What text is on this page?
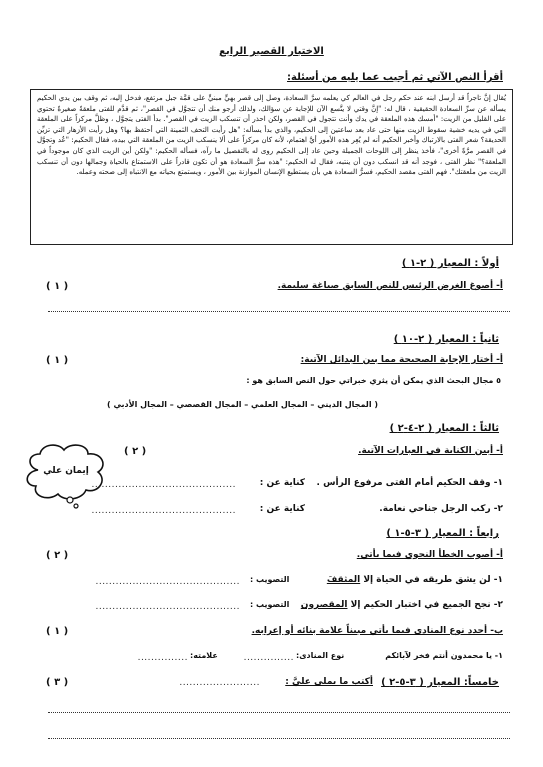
الاختبار القصير الرابع
أقرأ النص الآتي ثم أجيب عما يليه من أسئلة:
يُقال إنَّ تاجراً قد أرسل ابنه عند حكم رجل في العالم كي يعلمه سرَّ السعادة، وصل إلى قصر بهيٍّ مبنيٍّ على قمَّة جبل مرتفع، فدخل إليه، ثم وقف بين يدي الحكيم يسأله عن سرِّ السعادة الحقيقية ، قال له: "إنَّ وقتي لا يتَّسع الآن للإجابة عن سؤالك، ولذلك أرجو منك أن تتجوَّل في القصر"، ثم قدَّم للفتى ملعقةً صغيرةً تحتوي على القليل من الزيت: "أمسك هذه الملعقة في يدك وأنت تتجول في القصر، ولكن احذر أن تنسكب الزيت في القصر". بدأ الفتى يتجوَّل ، وظلَّ مركزاً على الملعقة التي في يديه خشية سقوط الزيت منها حتى عاد بعد ساعتين إلى الحكيم، والذي بدأ يسأله: "هل رأيت التحف الثمينة التي أحتفظ بها؟ وهل رأيت الأزهار التي تزيِّن الحديقة؟ شعر الفتى بالارتباك وأخبر الحكيم أنه لم يُعِر هذه الأمور أيَّ اهتمام، لأنه كان مركزاً على ألا ينسكب الزيت من الملعقة التي بيده، فقال الحكيم: "عُد وتجوَّل في القصر مرَّةً أخرى"، فأخذ ينظر إلى اللوحات الجميلة وحين عاد إلى الحكيم روى له بالتفصيل ما رآه، فسأله الحكيم: "ولكن أين الزيت الذي كان موجوداً في الملعقة؟" نظر الفتى ، فوجد أنه قد انسكب دون أن ينتبه، فقال له الحكيم: "هذه سرُّ السعادة هو أن تكون قادراً على الاستمتاع بالحياة وجمالها دون أن تنسكب الزيت من ملعقتك". فهم الفتى مقصد الحكيم، فسرُّ السعادة هي بأن يستطيع الإنسان الموازنة بين الأمور ، ويستمتع بحياته مع الانتباه إلى صحته وعمله.
أولاً : المعيار ( ٢-١ )
أ- أصوغ الغرض الرئيس للنص السابق صياغة سليمة.
( ١ )
ثانياً : المعيار ( ٢-١٠ )
أ- أختار الإجابة الصحيحة مما بين البدائل الآتية:
( ١ )
٥ مجال البحث الذي يمكن أن يثري خبراتي حول النص السابق هو :
( المجال الديني – المجال العلمي – المجال القصصي – المجال الأدبي )
ثالثاً : المعيار ( ٢-٤-٢ )
أ- أبين الكناية في العبارات الآتية.
( ٢ )
إيمان علي
١- وقف الحكيم أمام الفتى مرفوع الرأس .
كناية عن :
...........................................
٢- ركب الرجل جناحي نعامة.
كناية عن :
...........................................
رابعاً : المعيار ( ٣-٥-١ )
أ- أصوب الخطأ النحوي فيما يأتي.
( ٢ )
١- لن يشق طريقه في الحياة إلا المثقفَ
التصويب :
...........................................
٢- نجح الجميع في اختبار الحكيم إلا المقصرون
التصويب :
...........................................
ب- أحدد نوع المنادى فيما يأتي مبيناً علامة بنائه أو إعرابه.
( ١ )
١- يا محمدون أنتم فخر لآبائكم
نوع المنادى:
...............
علامته:
...............
خامساً: المعيار ( ٣-٥-٢ )
أكتب ما يملى عليَّ :
( ٣ )	........................
